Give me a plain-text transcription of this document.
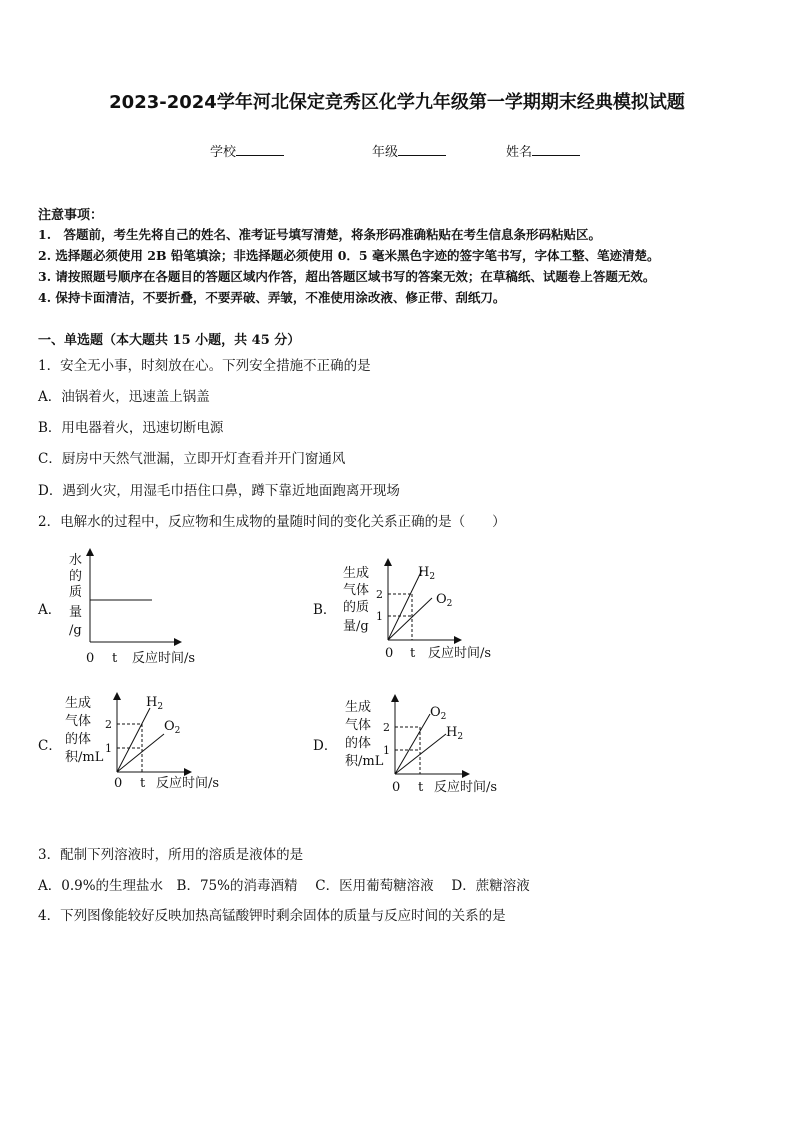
2023-2024学年河北保定竞秀区化学九年级第一学期期末经典模拟试题
学校	年级	姓名
注意事项：
1.　答题前，考生先将自己的姓名、准考证号填写清楚，将条形码准确粘贴在考生信息条形码粘贴区。
2. 选择题必须使用 2B 铅笔填涂；非选择题必须使用 0．5 毫米黑色字迹的签字笔书写，字体工整、笔迹清楚。
3. 请按照题号顺序在各题目的答题区域内作答，超出答题区域书写的答案无效；在草稿纸、试题卷上答题无效。
4. 保持卡面清洁，不要折叠，不要弄破、弄皱，不准使用涂改液、修正带、刮纸刀。
一、单选题（本大题共 15 小题，共 45 分）
1．安全无小事，时刻放在心。下列安全措施不正确的是
A．油锅着火，迅速盖上锅盖
B．用电器着火，迅速切断电源
C．厨房中天然气泄漏，立即开灯查看并开门窗通风
D．遇到火灾，用湿毛巾捂住口鼻，蹲下靠近地面跑离开现场
2．电解水的过程中，反应物和生成物的量随时间的变化关系正确的是（　　）
A．	B．
C．	D．
水
的
质
量
/g
0 t 反应时间/s
生成
气体
的质
量/g
2
1
$H_2$
$O_2$
0 t 反应时间/s
生成
气体
的体
积/mL
2
1
$H_2$
$O_2$
0 t 反应时间/s
生成
气体
的体
积/mL
2
1
$O_2$
$H_2$
0 t 反应时间/s
3．配制下列溶液时，所用的溶质是液体的是
A．0.9%的生理盐水　B．75%的消毒酒精　 C．医用葡萄糖溶液　 D．蔗糖溶液
4．下列图像能较好反映加热高锰酸钾时剩余固体的质量与反应时间的关系的是
